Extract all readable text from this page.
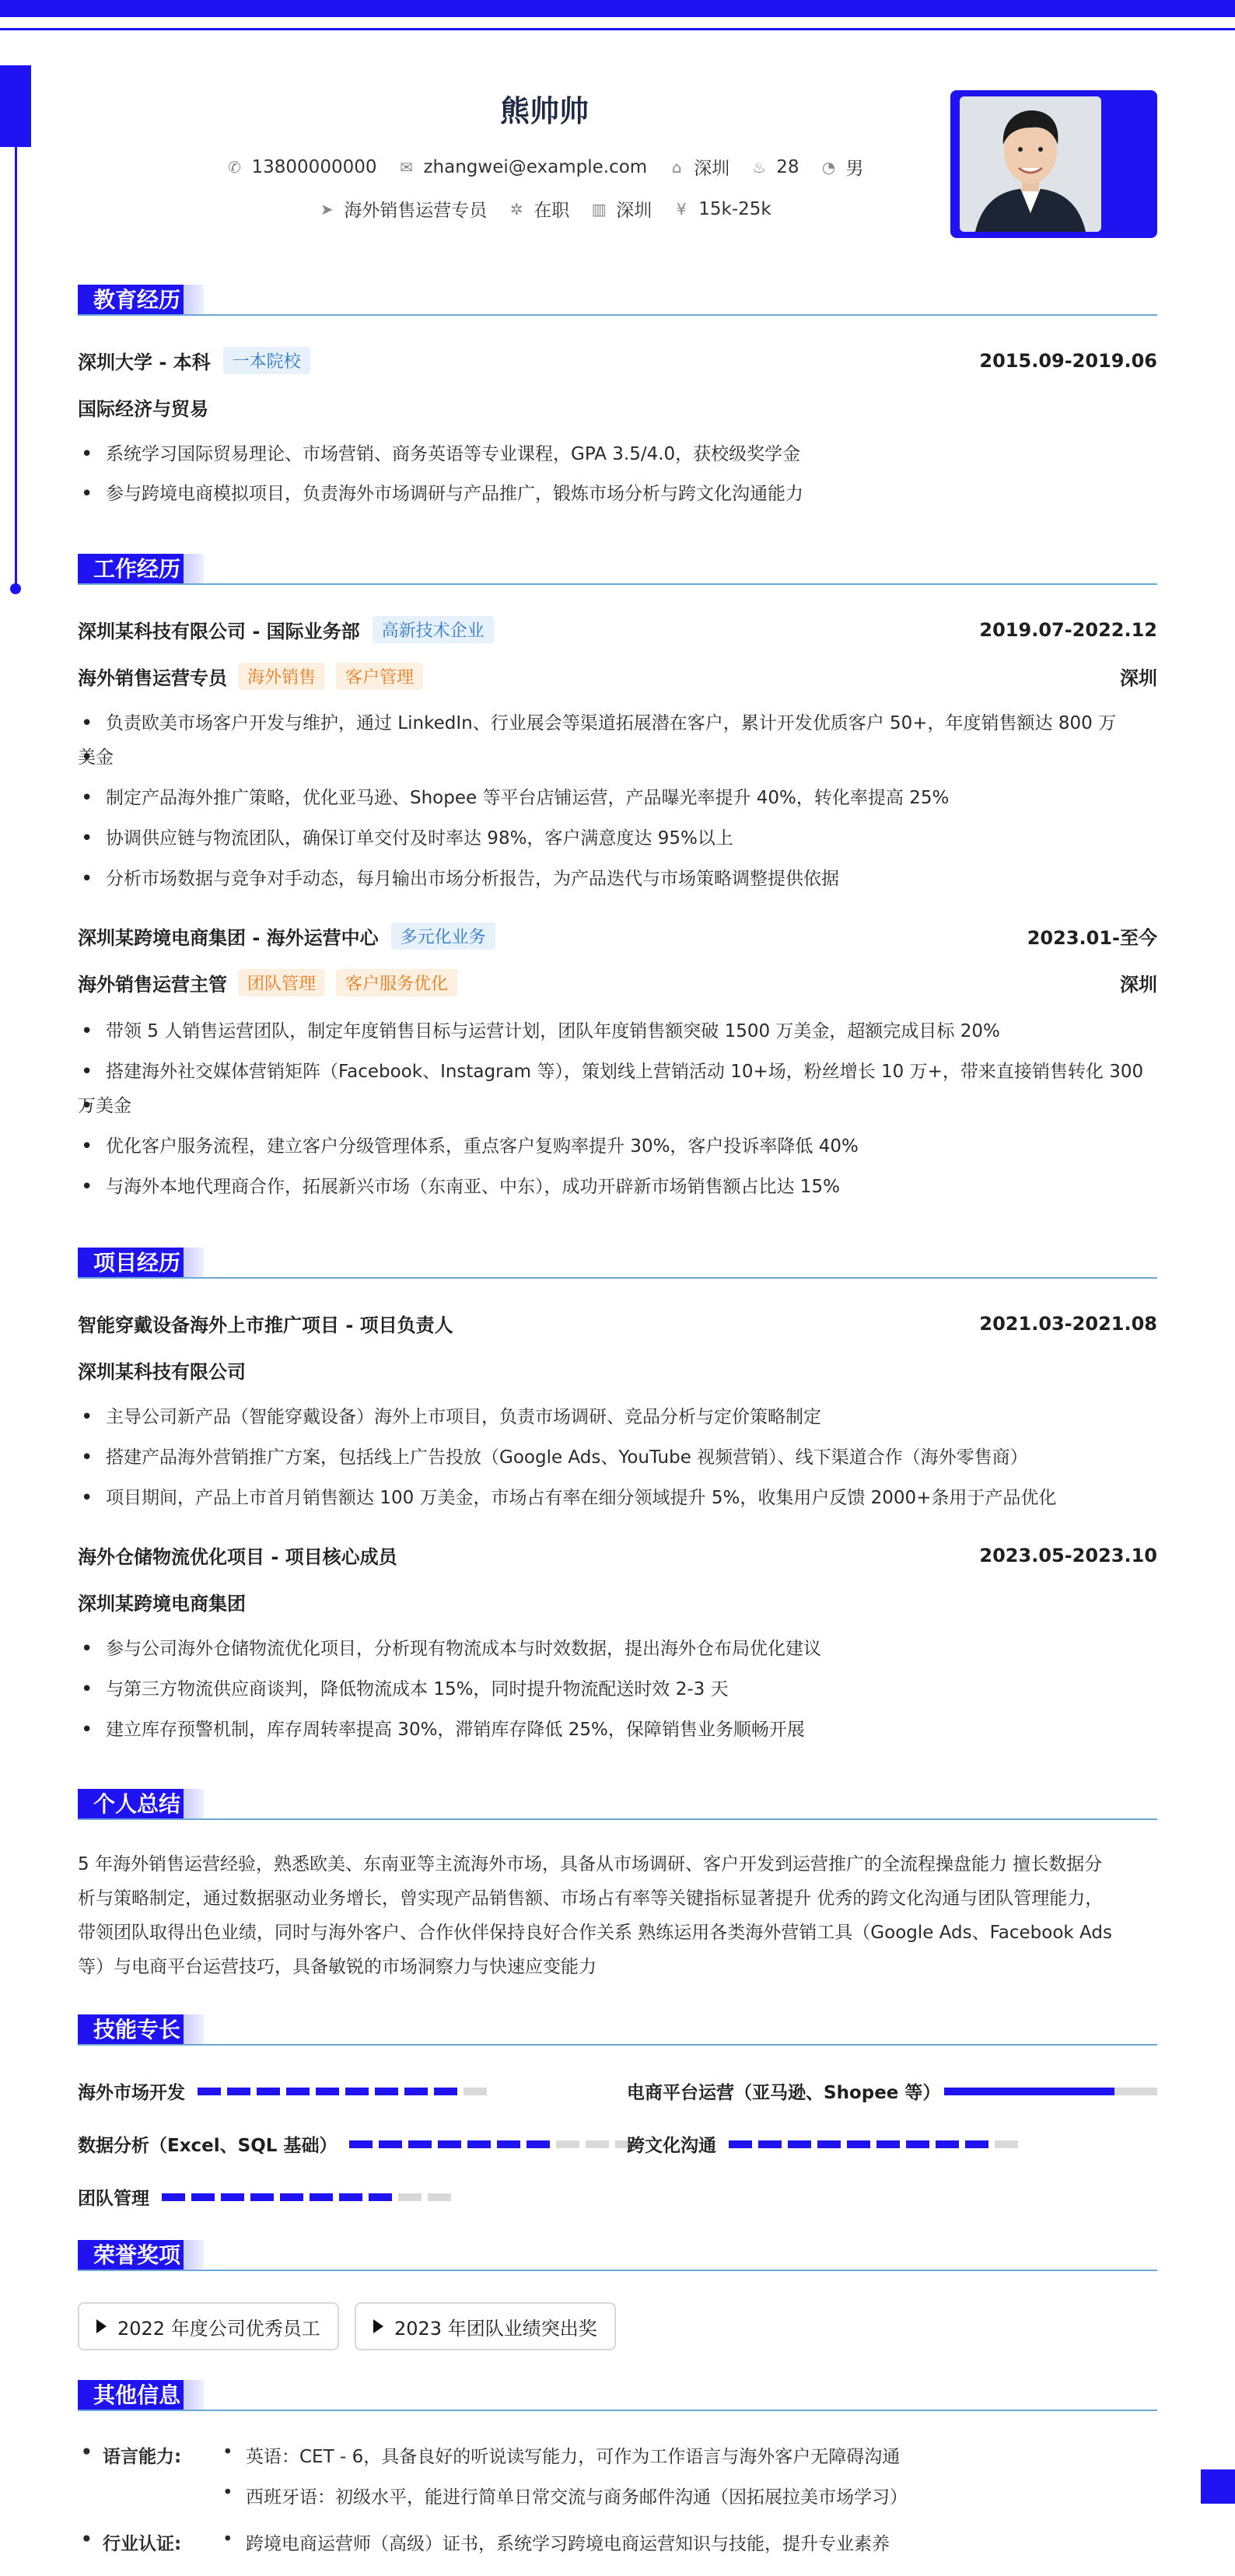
熊帅帅
✆ 13800000000 ✉ zhangwei@example.com ⌂ 深圳 ♨ 28 ◔ 男
➤ 海外销售运营专员 ✲ 在职 ▥ 深圳 ¥ 15k-25k
教育经历
深圳大学 - 本科	一本院校	2015.09-2019.06
国际经济与贸易
• 系统学习国际贸易理论、市场营销、商务英语等专业课程，GPA 3.5/4.0，获校级奖学金
• 参与跨境电商模拟项目，负责海外市场调研与产品推广，锻炼市场分析与跨文化沟通能力
工作经历
深圳某科技有限公司 - 国际业务部	高新技术企业	2019.07-2022.12
海外销售运营专员	海外销售	客户管理	深圳
• 负责欧美市场客户开发与维护，通过 LinkedIn、行业展会等渠道拓展潜在客户，累计开发优质客户 50+，年度销售额达 800 万
• 美金
• 制定产品海外推广策略，优化亚马逊、Shopee 等平台店铺运营，产品曝光率提升 40%，转化率提高 25%
• 协调供应链与物流团队，确保订单交付及时率达 98%，客户满意度达 95%以上
• 分析市场数据与竞争对手动态，每月输出市场分析报告，为产品迭代与市场策略调整提供依据
深圳某跨境电商集团 - 海外运营中心	多元化业务	2023.01-至今
海外销售运营主管	团队管理	客户服务优化	深圳
• 带领 5 人销售运营团队，制定年度销售目标与运营计划，团队年度销售额突破 1500 万美金，超额完成目标 20%
• 搭建海外社交媒体营销矩阵（Facebook、Instagram 等），策划线上营销活动 10+场，粉丝增长 10 万+，带来直接销售转化 300
• 万美金
• 优化客户服务流程，建立客户分级管理体系，重点客户复购率提升 30%，客户投诉率降低 40%
• 与海外本地代理商合作，拓展新兴市场（东南亚、中东），成功开辟新市场销售额占比达 15%
项目经历
智能穿戴设备海外上市推广项目 - 项目负责人	2021.03-2021.08
深圳某科技有限公司
• 主导公司新产品（智能穿戴设备）海外上市项目，负责市场调研、竞品分析与定价策略制定
• 搭建产品海外营销推广方案，包括线上广告投放（Google Ads、YouTube 视频营销）、线下渠道合作（海外零售商）
• 项目期间，产品上市首月销售额达 100 万美金，市场占有率在细分领域提升 5%，收集用户反馈 2000+条用于产品优化
海外仓储物流优化项目 - 项目核心成员	2023.05-2023.10
深圳某跨境电商集团
• 参与公司海外仓储物流优化项目，分析现有物流成本与时效数据，提出海外仓布局优化建议
• 与第三方物流供应商谈判，降低物流成本 15%，同时提升物流配送时效 2-3 天
• 建立库存预警机制，库存周转率提高 30%，滞销库存降低 25%，保障销售业务顺畅开展
个人总结
5 年海外销售运营经验，熟悉欧美、东南亚等主流海外市场，具备从市场调研、客户开发到运营推广的全流程操盘能力 擅长数据分
析与策略制定，通过数据驱动业务增长，曾实现产品销售额、市场占有率等关键指标显著提升 优秀的跨文化沟通与团队管理能力，
带领团队取得出色业绩，同时与海外客户、合作伙伴保持良好合作关系 熟练运用各类海外营销工具（Google Ads、Facebook Ads
等）与电商平台运营技巧，具备敏锐的市场洞察力与快速应变能力
技能专长
海外市场开发	电商平台运营（亚马逊、Shopee 等）
数据分析（Excel、SQL 基础）	跨文化沟通
团队管理
荣誉奖项
2022 年度公司优秀员工	2023 年团队业绩突出奖
其他信息
• 语言能力:	• 英语：CET - 6，具备良好的听说读写能力，可作为工作语言与海外客户无障碍沟通
• 西班牙语：初级水平，能进行简单日常交流与商务邮件沟通（因拓展拉美市场学习）
• 行业认证:	• 跨境电商运营师（高级）证书，系统学习跨境电商运营知识与技能，提升专业素养
